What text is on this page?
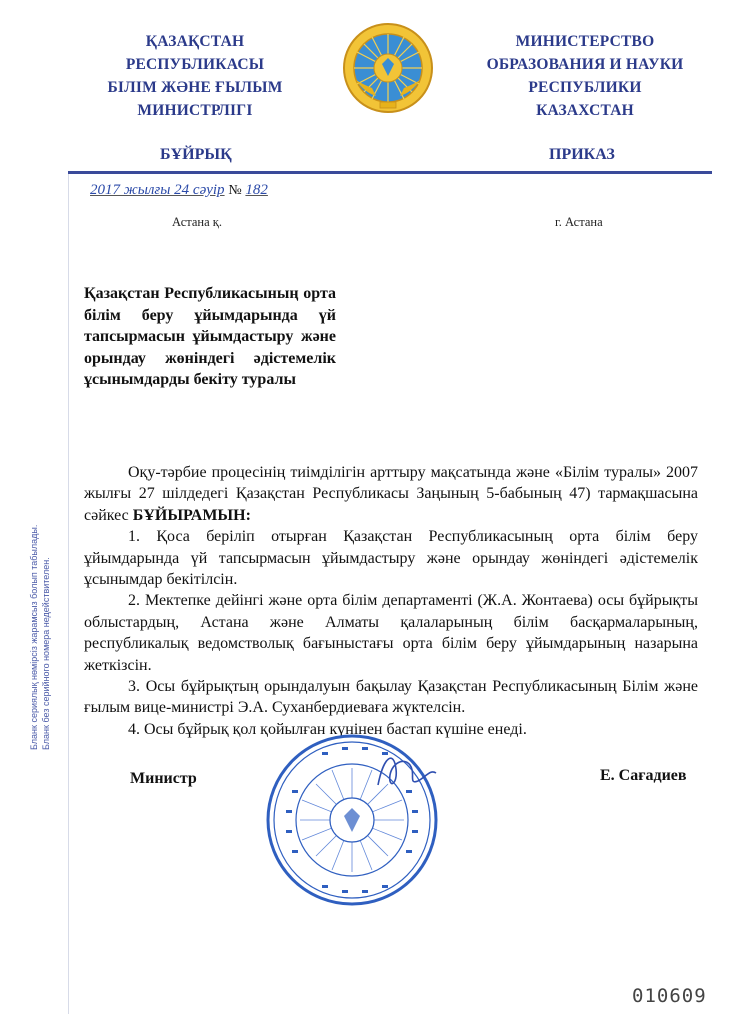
ҚАЗАҚСТАН
РЕСПУБЛИКАСЫ
БІЛІМ ЖӘНЕ ҒЫЛЫМ
МИНИСТРЛІГІ
МИНИСТЕРСТВО
ОБРАЗОВАНИЯ И НАУКИ
РЕСПУБЛИКИ
КАЗАХСТАН
БҰЙРЫҚ	ПРИКАЗ
2017 жылғы 24 сәуір № 182
Астана қ.	г. Астана

Қазақстан Республикасының орта білім беру ұйымдарында үй тапсырмасын ұйымдастыру және орындау жөніндегі әдістемелік ұсынымдарды бекіту туралы

Оқу-тәрбие процесінің тиімділігін арттыру мақсатында және «Білім туралы» 2007 жылғы 27 шілдедегі Қазақстан Республикасы Заңының 5-бабының 47) тармақшасына сәйкес БҰЙЫРАМЫН:

1. Қоса беріліп отырған Қазақстан Республикасының орта білім беру ұйымдарында үй тапсырмасын ұйымдастыру және орындау жөніндегі әдістемелік ұсынымдар бекітілсін.

2. Мектепке дейінгі және орта білім департаменті (Ж.А. Жонтаева) осы бұйрықты облыстардың, Астана және Алматы қалаларының білім басқармаларының, республикалық ведомстволық бағыныстағы орта білім беру ұйымдарының назарына жеткізсін.

3. Осы бұйрықтың орындалуын бақылау Қазақстан Республикасының Білім және ғылым вице-министрі Э.А. Суханбердиеваға жүктелсін.

4. Осы бұйрық қол қойылған күнінен бастап күшіне енеді.

Бланк сериялық нөмірсіз жарамсыз болып табылады. Бланк без серийного номера недействителен.
Министр	Е. Сағадиев
010609
